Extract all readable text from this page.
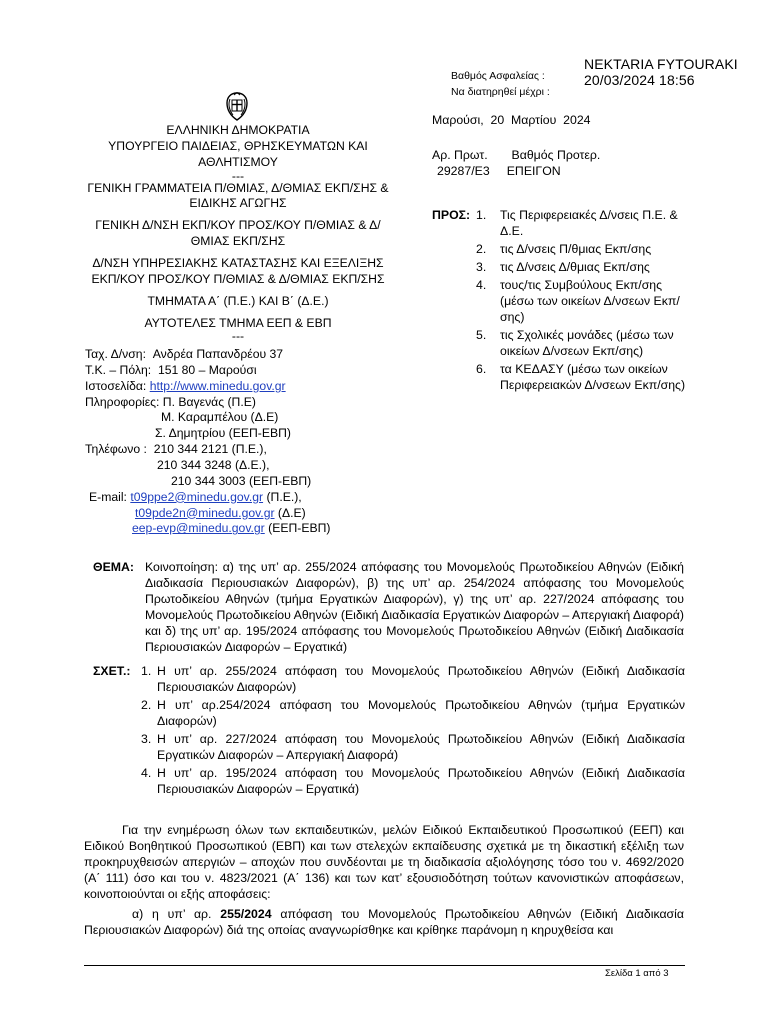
NEKTARIA FYTOURAKI
20/03/2024 18:56
Βαθμός Ασφαλείας :
Να διατηρηθεί μέχρι :
ΕΛΛΗΝΙΚΗ ΔΗΜΟΚΡΑΤΙΑ
ΥΠΟΥΡΓΕΙΟ ΠΑΙΔΕΙΑΣ, ΘΡΗΣΚΕΥΜΑΤΩΝ ΚΑΙ ΑΘΛΗΤΙΣΜΟΥ
---
ΓΕΝΙΚΗ ΓΡΑΜΜΑΤΕΙΑ Π/ΘΜΙΑΣ, Δ/ΘΜΙΑΣ ΕΚΠ/ΣΗΣ & ΕΙΔΙΚΗΣ ΑΓΩΓΗΣ
ΓΕΝΙΚΗ Δ/ΝΣΗ ΕΚΠ/ΚΟΥ ΠΡΟΣ/ΚΟΥ Π/ΘΜΙΑΣ & Δ/ΘΜΙΑΣ ΕΚΠ/ΣΗΣ
Δ/ΝΣΗ ΥΠΗΡΕΣΙΑΚΗΣ ΚΑΤΑΣΤΑΣΗΣ ΚΑΙ ΕΞΕΛΙΞΗΣ ΕΚΠ/ΚΟΥ ΠΡΟΣ/ΚΟΥ Π/ΘΜΙΑΣ & Δ/ΘΜΙΑΣ ΕΚΠ/ΣΗΣ
ΤΜΗΜΑΤΑ Α΄ (Π.Ε.) ΚΑΙ Β΄ (Δ.Ε.)
ΑΥΤΟΤΕΛΕΣ ΤΜΗΜΑ ΕΕΠ & ΕΒΠ
---
Ταχ. Δ/νση: Ανδρέα Παπανδρέου 37
Τ.Κ. – Πόλη: 151 80 – Μαρούσι
Ιστοσελίδα: http://www.minedu.gov.gr
Πληροφορίες: Π. Βαγενάς (Π.Ε)
Μ. Καραμπέλου (Δ.Ε)
Σ. Δημητρίου (ΕΕΠ-ΕΒΠ)
Τηλέφωνο : 210 344 2121 (Π.Ε.),
210 344 3248 (Δ.Ε.),
210 344 3003 (ΕΕΠ-ΕΒΠ)
E-mail: t09ppe2@minedu.gov.gr (Π.Ε.),
t09pde2n@minedu.gov.gr (Δ.Ε)
eep-evp@minedu.gov.gr (ΕΕΠ-ΕΒΠ)
Μαρούσι,  20  Μαρτίου  2024
Αρ. Πρωτ.       Βαθμός Προτερ.
29287/Ε3     ΕΠΕΙΓΟΝ
ΠΡΟΣ: 1.	Τις Περιφερειακές Δ/νσεις Π.Ε. & Δ.Ε.
2.	τις Δ/νσεις Π/θμιας Εκπ/σης
3.	τις Δ/νσεις Δ/θμιας Εκπ/σης
4.	τους/τις Συμβούλους Εκπ/σης (μέσω των οικείων Δ/νσεων Εκπ/σης)
5.	τις Σχολικές μονάδες (μέσω των οικείων Δ/νσεων Εκπ/σης)
6.	τα ΚΕΔΑΣΥ (μέσω των οικείων Περιφερειακών Δ/νσεων Εκπ/σης)
ΘΕΜΑ: Κοινοποίηση: α) της υπ’ αρ. 255/2024 απόφασης του Μονομελούς Πρωτοδικείου Αθηνών (Ειδική Διαδικασία Περιουσιακών Διαφορών), β) της υπ’ αρ. 254/2024 απόφασης του Μονομελούς Πρωτοδικείου Αθηνών (τμήμα Εργατικών Διαφορών), γ) της υπ’ αρ. 227/2024 απόφασης του Μονομελούς Πρωτοδικείου Αθηνών (Ειδική Διαδικασία Εργατικών Διαφορών – Απεργιακή Διαφορά) και δ) της υπ’ αρ. 195/2024 απόφασης του Μονομελούς Πρωτοδικείου Αθηνών (Ειδική Διαδικασία Περιουσιακών Διαφορών – Εργατικά)
ΣΧΕΤ.: 1. Η υπ’ αρ. 255/2024 απόφαση του Μονομελούς Πρωτοδικείου Αθηνών (Ειδική Διαδικασία Περιουσιακών Διαφορών)
2. Η υπ’ αρ.254/2024 απόφαση του Μονομελούς Πρωτοδικείου Αθηνών (τμήμα Εργατικών Διαφορών)
3. Η υπ’ αρ. 227/2024 απόφαση του Μονομελούς Πρωτοδικείου Αθηνών (Ειδική Διαδικασία Εργατικών Διαφορών – Απεργιακή Διαφορά)
4. Η υπ’ αρ. 195/2024 απόφαση του Μονομελούς Πρωτοδικείου Αθηνών (Ειδική Διαδικασία Περιουσιακών Διαφορών – Εργατικά)
Για την ενημέρωση όλων των εκπαιδευτικών, μελών Ειδικού Εκπαιδευτικού Προσωπικού (ΕΕΠ) και Ειδικού Βοηθητικού Προσωπικού (ΕΒΠ) και των στελεχών εκπαίδευσης σχετικά με τη δικαστική εξέλιξη των προκηρυχθεισών απεργιών – αποχών που συνδέονται με τη διαδικασία αξιολόγησης τόσο του ν. 4692/2020 (Α΄ 111) όσο και του ν. 4823/2021 (Α΄ 136) και των κατ’ εξουσιοδότηση τούτων κανονιστικών αποφάσεων, κοινοποιούνται οι εξής αποφάσεις:
α) η υπ’ αρ. 255/2024 απόφαση του Μονομελούς Πρωτοδικείου Αθηνών (Ειδική Διαδικασία Περιουσιακών Διαφορών) διά της οποίας αναγνωρίσθηκε και κρίθηκε παράνομη η κηρυχθείσα και
Σελίδα 1 από 3
